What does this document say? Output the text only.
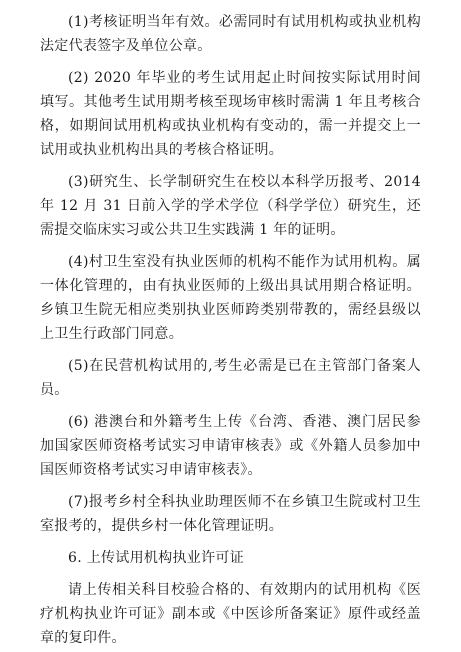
(1)考核证明当年有效。必需同时有试用机构或执业机构法定代表签字及单位公章。

(2) 2020 年毕业的考生试用起止时间按实际试用时间填写。其他考生试用期考核至现场审核时需满 1 年且考核合格，如期间试用机构或执业机构有变动的，需一并提交上一试用或执业机构出具的考核合格证明。

(3)研究生、长学制研究生在校以本科学历报考、2014 年 12 月 31 日前入学的学术学位（科学学位）研究生，还需提交临床实习或公共卫生实践满 1 年的证明。

(4)村卫生室没有执业医师的机构不能作为试用机构。属一体化管理的，由有执业医师的上级出具试用期合格证明。乡镇卫生院无相应类别执业医师跨类别带教的，需经县级以上卫生行政部门同意。

(5)在民营机构试用的,考生必需是已在主管部门备案人员。

(6) 港澳台和外籍考生上传《台湾、香港、澳门居民参加国家医师资格考试实习申请审核表》或《外籍人员参加中国医师资格考试实习申请审核表》。

(7)报考乡村全科执业助理医师不在乡镇卫生院或村卫生室报考的，提供乡村一体化管理证明。

6. 上传试用机构执业许可证

请上传相关科目校验合格的、有效期内的试用机构《医疗机构执业许可证》副本或《中医诊所备案证》原件或经盖章的复印件。
